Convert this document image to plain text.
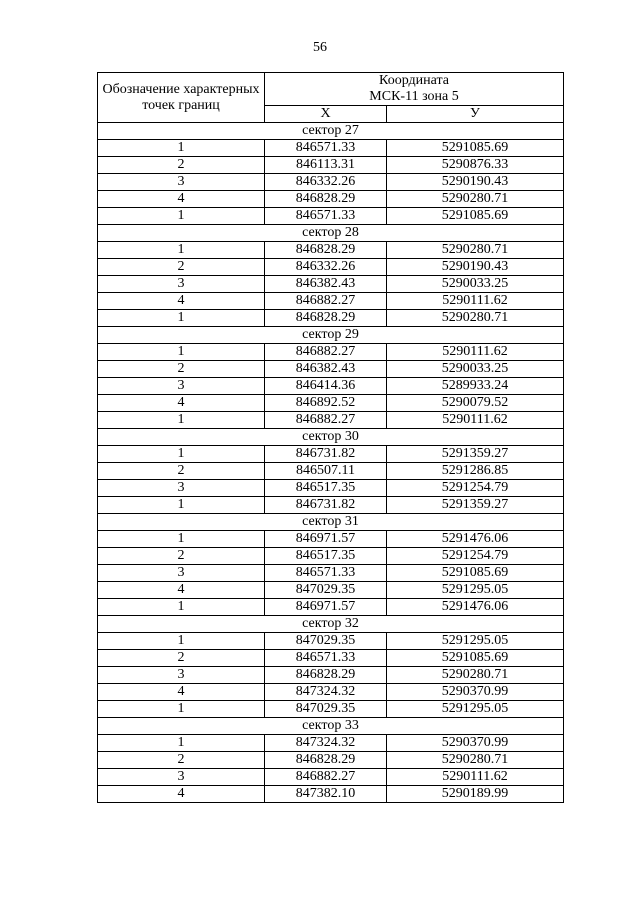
56
Обозначение характерных точек границ	Координата
МСК-11 зона 5	
	X	У
сектор 27		
1	846571.33	5291085.69
2	846113.31	5290876.33
3	846332.26	5290190.43
4	846828.29	5290280.71
1	846571.33	5291085.69
сектор 28		
1	846828.29	5290280.71
2	846332.26	5290190.43
3	846382.43	5290033.25
4	846882.27	5290111.62
1	846828.29	5290280.71
сектор 29		
1	846882.27	5290111.62
2	846382.43	5290033.25
3	846414.36	5289933.24
4	846892.52	5290079.52
1	846882.27	5290111.62
сектор 30		
1	846731.82	5291359.27
2	846507.11	5291286.85
3	846517.35	5291254.79
1	846731.82	5291359.27
сектор 31		
1	846971.57	5291476.06
2	846517.35	5291254.79
3	846571.33	5291085.69
4	847029.35	5291295.05
1	846971.57	5291476.06
сектор 32		
1	847029.35	5291295.05
2	846571.33	5291085.69
3	846828.29	5290280.71
4	847324.32	5290370.99
1	847029.35	5291295.05
сектор 33		
1	847324.32	5290370.99
2	846828.29	5290280.71
3	846882.27	5290111.62
4	847382.10	5290189.99
